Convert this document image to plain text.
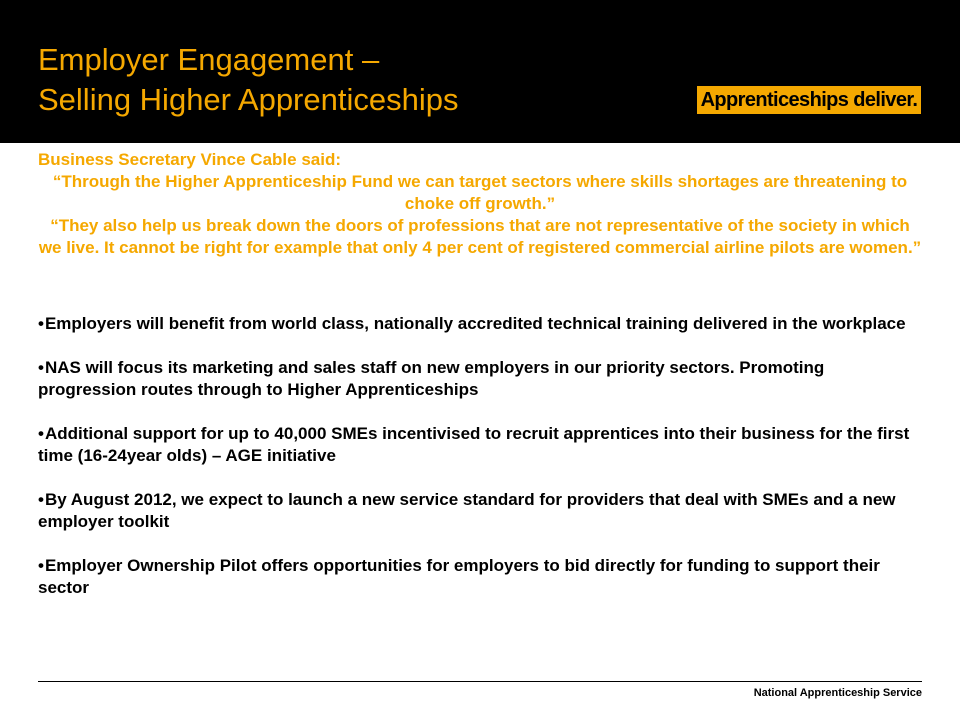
Employer Engagement –
Selling Higher Apprenticeships	Apprenticeships deliver.
Business Secretary Vince Cable said:
“Through the Higher Apprenticeship Fund we can target sectors where skills shortages are threatening to choke off growth.”
“They also help us break down the doors of professions that are not representative of the society in which we live. It cannot be right for example that only 4 per cent of registered commercial airline pilots are women.”
•Employers will benefit from world class, nationally accredited technical training delivered in the workplace
•NAS will focus its marketing and sales staff on new employers in our priority sectors. Promoting progression routes through to Higher Apprenticeships
•Additional support for up to 40,000 SMEs incentivised to recruit apprentices into their business for the first time (16-24year olds) – AGE initiative
•By August 2012, we expect to launch a new service standard for providers that deal with SMEs and a new employer toolkit
•Employer Ownership Pilot offers opportunities for employers to bid directly for funding to support their sector
National Apprenticeship Service
